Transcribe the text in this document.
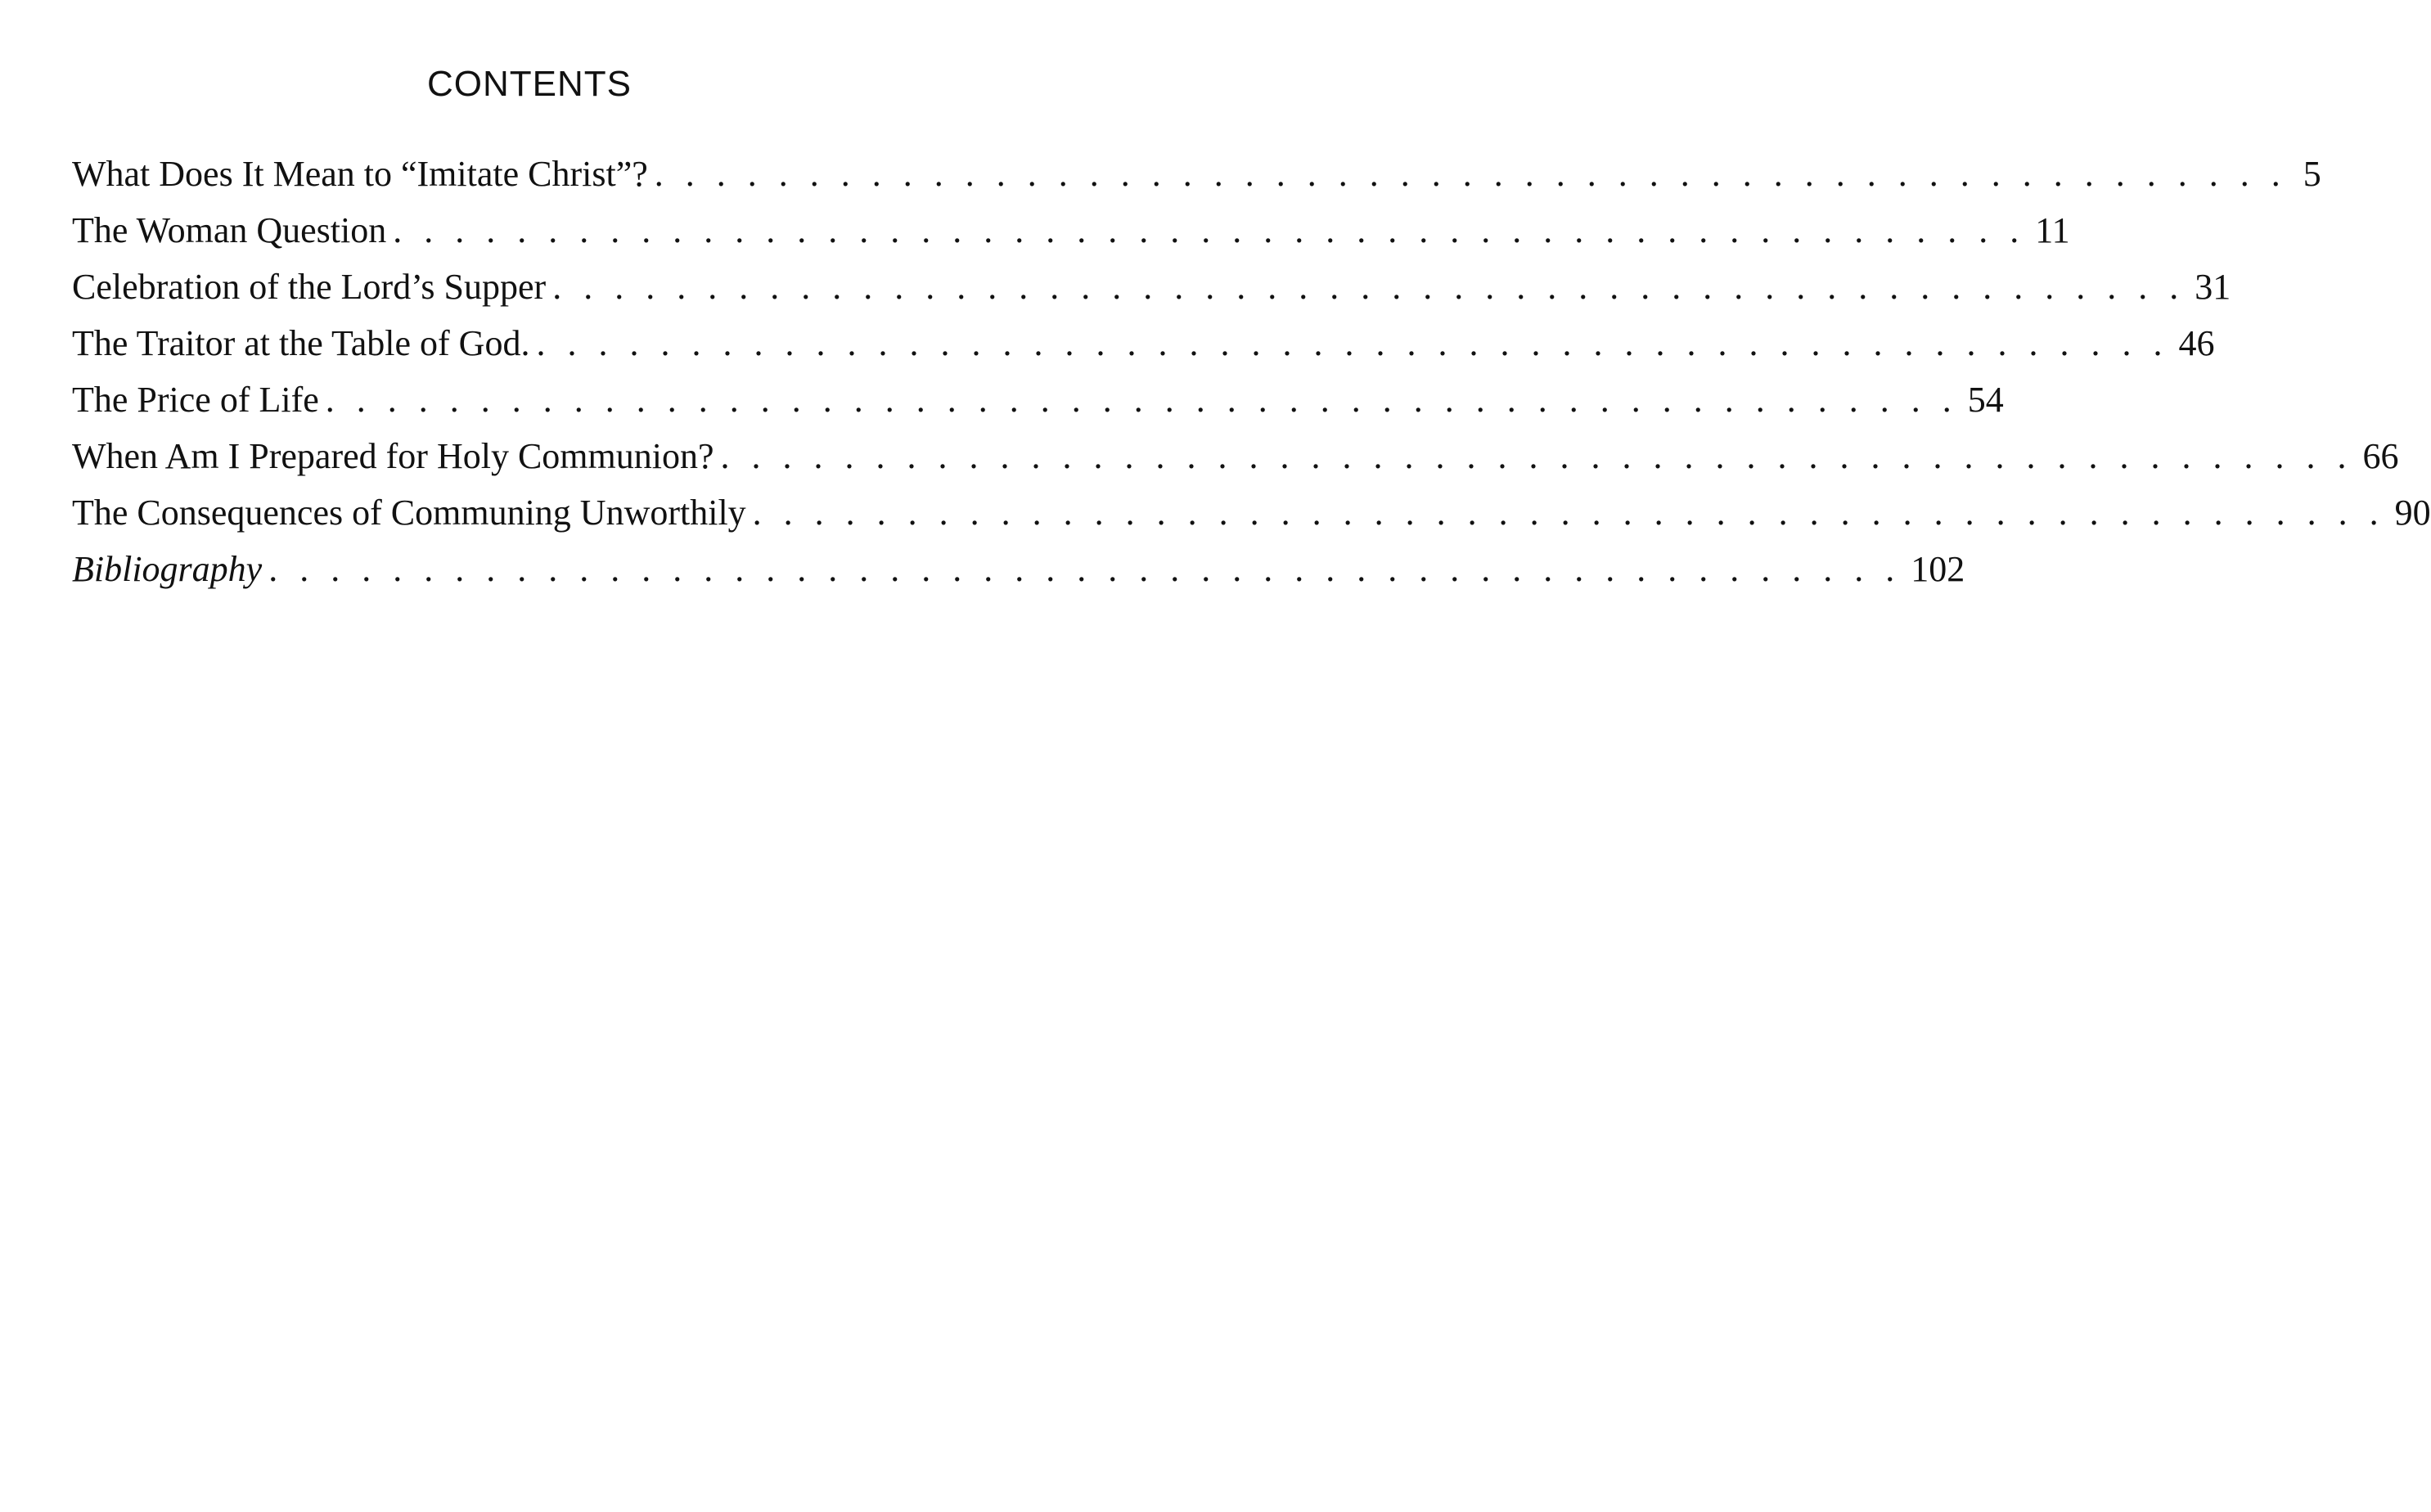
CONTENTS
What Does It Mean to “Imitate Christ”? . . . . . . . . . . . . . . . . . . . . . . . . . . . . . . . . . . . . . . . . . . . . . . . . . . . . . 5
The Woman Question . . . . . . . . . . . . . . . . . . . . . . . . . . . . . . . . . . . . . . . . . . . . . . . . . . . . . 11
Celebration of the Lord’s Supper . . . . . . . . . . . . . . . . . . . . . . . . . . . . . . . . . . . . . . . . . . . . . . . . . . . . . 31
The Traitor at the Table of God. . . . . . . . . . . . . . . . . . . . . . . . . . . . . . . . . . . . . . . . . . . . . . . . . . . . . . 46
The Price of Life . . . . . . . . . . . . . . . . . . . . . . . . . . . . . . . . . . . . . . . . . . . . . . . . . . . . . 54
When Am I Prepared for Holy Communion? . . . . . . . . . . . . . . . . . . . . . . . . . . . . . . . . . . . . . . . . . . . . . . . . . . . . . 66
The Consequences of Communing Unworthily . . . . . . . . . . . . . . . . . . . . . . . . . . . . . . . . . . . . . . . . . . . . . . . . . . . . . 90
Bibliography . . . . . . . . . . . . . . . . . . . . . . . . . . . . . . . . . . . . . . . . . . . . . . . . . . . . . 102
